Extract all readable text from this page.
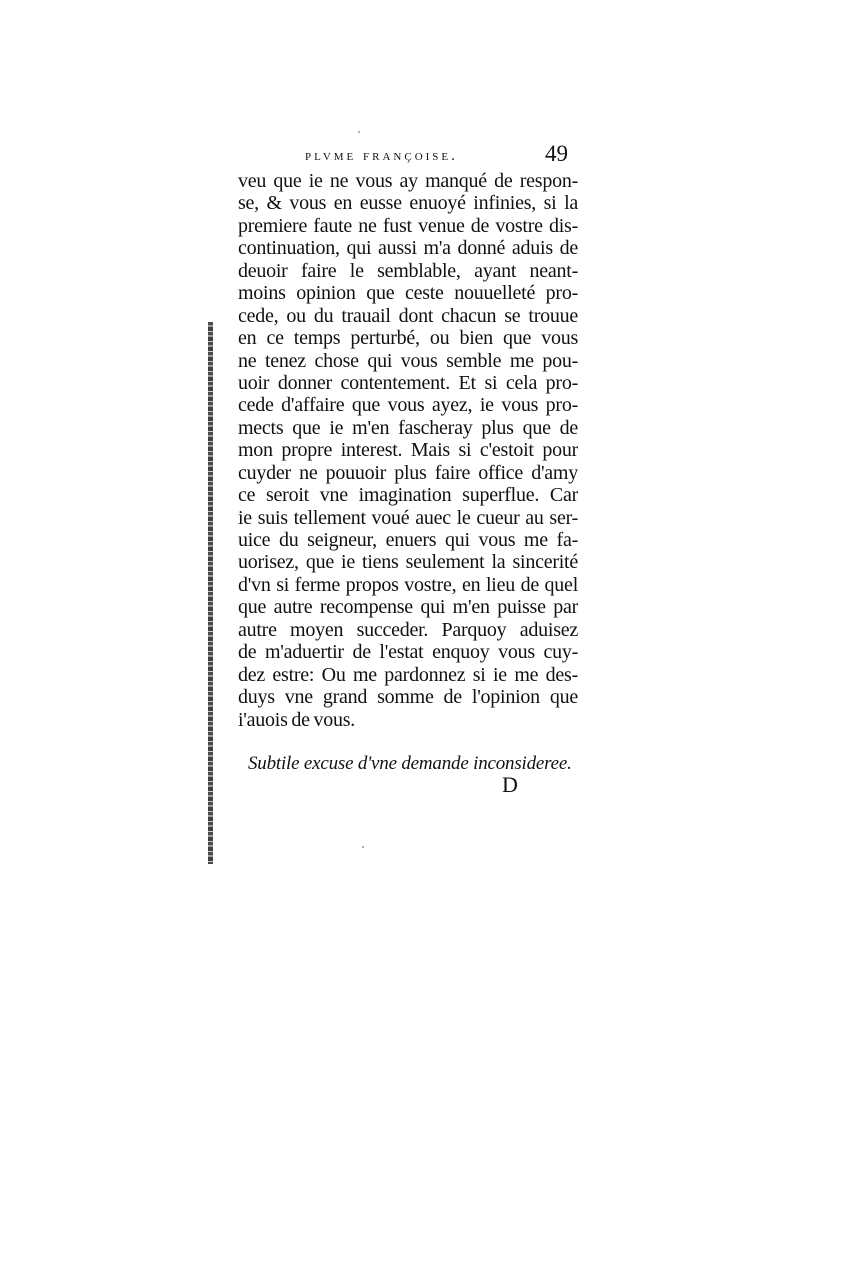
plvme françoise.	49
veu que ie ne vous ay manqué de respon-
se, & vous en eusse enuoyé infinies, si la
premiere faute ne fust venue de vostre dis-
continuation, qui aussi m'a donné aduis de
deuoir faire le semblable, ayant neant-
moins opinion que ceste nouuelleté pro-
cede, ou du trauail dont chacun se trouue
en ce temps perturbé, ou bien que vous
ne tenez chose qui vous semble me pou-
uoir donner contentement. Et si cela pro-
cede d'affaire que vous ayez, ie vous pro-
mects que ie m'en fascheray plus que de
mon propre interest. Mais si c'estoit pour
cuyder ne pouuoir plus faire office d'amy
ce seroit vne imagination superflue. Car
ie suis tellement voué auec le cueur au ser-
uice du seigneur, enuers qui vous me fa-
uorisez, que ie tiens seulement la sincerité
d'vn si ferme propos vostre, en lieu de quel
que autre recompense qui m'en puisse par
autre moyen succeder. Parquoy aduisez
de m'aduertir de l'estat enquoy vous cuy-
dez estre: Ou me pardonnez si ie me des-
duys vne grand somme de l'opinion que
i'auois de vous.
Subtile excuse d'vne demande inconsideree.
D
